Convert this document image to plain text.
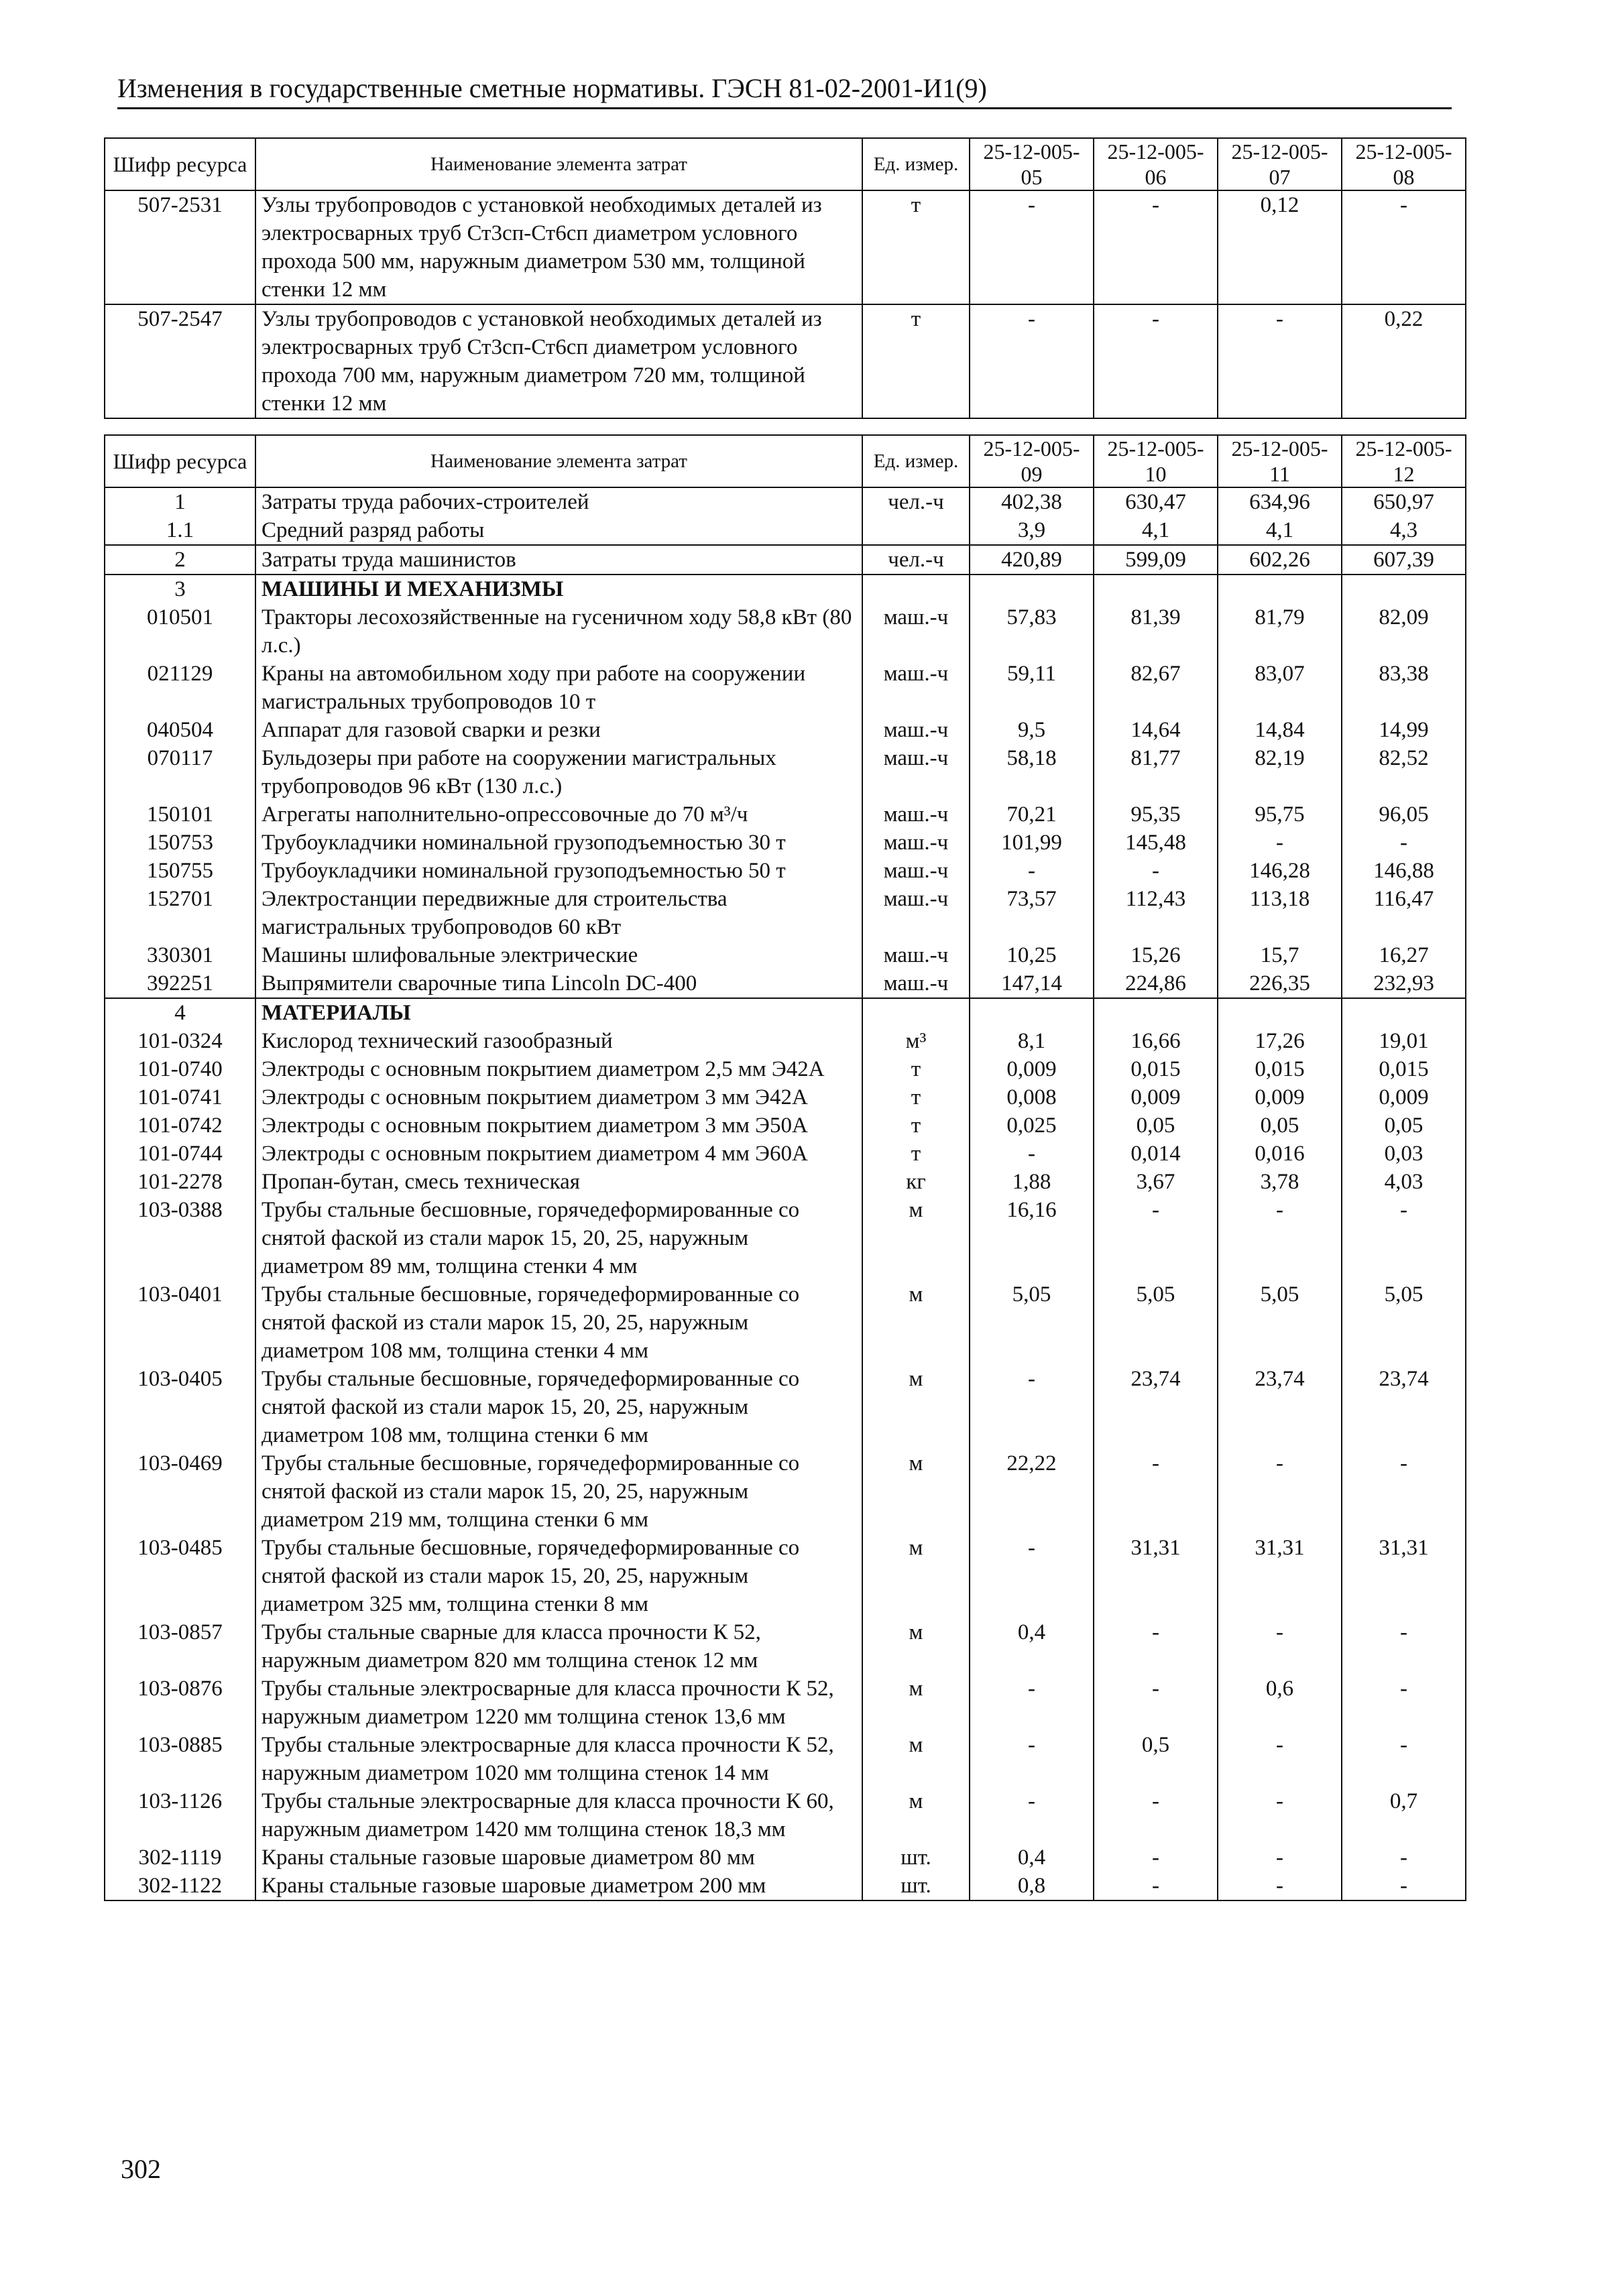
Изменения в государственные сметные нормативы. ГЭСН 81-02-2001-И1(9)
Шифр ресурса	Наименование элемента затрат	Ед. измер.	25-12-005-05	25-12-005-06	25-12-005-07	25-12-005-08
507-2531	Узлы трубопроводов с установкой необходимых деталей из электросварных труб Ст3сп-Ст6сп диаметром условного прохода 500 мм, наружным диаметром 530 мм, толщиной стенки 12 мм	т	-	-	0,12	-
507-2547	Узлы трубопроводов с установкой необходимых деталей из электросварных труб Ст3сп-Ст6сп диаметром условного прохода 700 мм, наружным диаметром 720 мм, толщиной стенки 12 мм	т	-	-	-	0,22
Шифр ресурса	Наименование элемента затрат	Ед. измер.	25-12-005-09	25-12-005-10	25-12-005-11	25-12-005-12
1	Затраты труда рабочих-строителей	чел.-ч	402,38	630,47	634,96	650,97
1.1	Средний разряд работы		3,9	4,1	4,1	4,3
2	Затраты труда машинистов	чел.-ч	420,89	599,09	602,26	607,39
3	МАШИНЫ И МЕХАНИЗМЫ					
010501	Тракторы лесохозяйственные на гусеничном ходу 58,8 кВт (80 л.с.)	маш.-ч	57,83	81,39	81,79	82,09
021129	Краны на автомобильном ходу при работе на сооружении магистральных трубопроводов 10 т	маш.-ч	59,11	82,67	83,07	83,38
040504	Аппарат для газовой сварки и резки	маш.-ч	9,5	14,64	14,84	14,99
070117	Бульдозеры при работе на сооружении магистральных трубопроводов 96 кВт (130 л.с.)	маш.-ч	58,18	81,77	82,19	82,52
150101	Агрегаты наполнительно-опрессовочные до 70 м³/ч	маш.-ч	70,21	95,35	95,75	96,05
150753	Трубоукладчики номинальной грузоподъемностью 30 т	маш.-ч	101,99	145,48	-	-
150755	Трубоукладчики номинальной грузоподъемностью 50 т	маш.-ч	-	-	146,28	146,88
152701	Электростанции передвижные для строительства магистральных трубопроводов 60 кВт	маш.-ч	73,57	112,43	113,18	116,47
330301	Машины шлифовальные электрические	маш.-ч	10,25	15,26	15,7	16,27
392251	Выпрямители сварочные типа Lincoln DC-400	маш.-ч	147,14	224,86	226,35	232,93
4	МАТЕРИАЛЫ					
101-0324	Кислород технический газообразный	м³	8,1	16,66	17,26	19,01
101-0740	Электроды с основным покрытием диаметром 2,5 мм Э42А	т	0,009	0,015	0,015	0,015
101-0741	Электроды с основным покрытием диаметром 3 мм Э42А	т	0,008	0,009	0,009	0,009
101-0742	Электроды с основным покрытием диаметром 3 мм Э50А	т	0,025	0,05	0,05	0,05
101-0744	Электроды с основным покрытием диаметром 4 мм Э60А	т	-	0,014	0,016	0,03
101-2278	Пропан-бутан, смесь техническая	кг	1,88	3,67	3,78	4,03
103-0388	Трубы стальные бесшовные, горячедеформированные со снятой фаской из стали марок 15, 20, 25, наружным диаметром 89 мм, толщина стенки 4 мм	м	16,16	-	-	-
103-0401	Трубы стальные бесшовные, горячедеформированные со снятой фаской из стали марок 15, 20, 25, наружным диаметром 108 мм, толщина стенки 4 мм	м	5,05	5,05	5,05	5,05
103-0405	Трубы стальные бесшовные, горячедеформированные со снятой фаской из стали марок 15, 20, 25, наружным диаметром 108 мм, толщина стенки 6 мм	м	-	23,74	23,74	23,74
103-0469	Трубы стальные бесшовные, горячедеформированные со снятой фаской из стали марок 15, 20, 25, наружным диаметром 219 мм, толщина стенки 6 мм	м	22,22	-	-	-
103-0485	Трубы стальные бесшовные, горячедеформированные со снятой фаской из стали марок 15, 20, 25, наружным диаметром 325 мм, толщина стенки 8 мм	м	-	31,31	31,31	31,31
103-0857	Трубы стальные сварные для класса прочности К 52, наружным диаметром 820 мм толщина стенок 12 мм	м	0,4	-	-	-
103-0876	Трубы стальные электросварные для класса прочности К 52, наружным диаметром 1220 мм толщина стенок 13,6 мм	м	-	-	0,6	-
103-0885	Трубы стальные электросварные для класса прочности К 52, наружным диаметром 1020 мм толщина стенок 14 мм	м	-	0,5	-	-
103-1126	Трубы стальные электросварные для класса прочности К 60, наружным диаметром 1420 мм толщина стенок 18,3 мм	м	-	-	-	0,7
302-1119	Краны стальные газовые шаровые диаметром 80 мм	шт.	0,4	-	-	-
302-1122	Краны стальные газовые шаровые диаметром 200 мм	шт.	0,8	-	-	-
302
